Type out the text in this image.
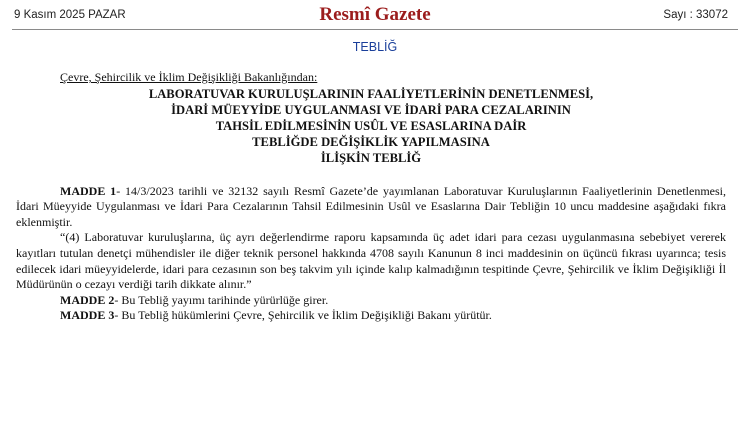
9 Kasım 2025 PAZAR	Resmî Gazete	Sayı : 33072
TEBLİĞ
Çevre, Şehircilik ve İklim Değişikliği Bakanlığından:
LABORATUVAR KURULUŞLARININ FAALİYETLERİNİN DENETLENMESİ,
İDARİ MÜEYYİDE UYGULANMASI VE İDARİ PARA CEZALARININ
TAHSİL EDİLMESİNİN USÛL VE ESASLARINA DAİR
TEBLİĞDE DEĞİŞİKLİK YAPILMASINA
İLİŞKİN TEBLİĞ

MADDE 1- 14/3/2023 tarihli ve 32132 sayılı Resmî Gazete’de yayımlanan Laboratuvar Kuruluşlarının Faaliyetlerinin Denetlenmesi, İdari Müeyyide Uygulanması ve İdari Para Cezalarının Tahsil Edilmesinin Usûl ve Esaslarına Dair Tebliğin 10 uncu maddesine aşağıdaki fıkra eklenmiştir.

“(4) Laboratuvar kuruluşlarına, üç ayrı değerlendirme raporu kapsamında üç adet idari para cezası uygulanmasına sebebiyet vererek kayıtları tutulan denetçi mühendisler ile diğer teknik personel hakkında 4708 sayılı Kanunun 8 inci maddesinin on üçüncü fıkrası uyarınca; tesis edilecek idari müeyyidelerde, idari para cezasının son beş takvim yılı içinde kalıp kalmadığının tespitinde Çevre, Şehircilik ve İklim Değişikliği İl Müdürünün o cezayı verdiği tarih dikkate alınır.”

MADDE 2- Bu Tebliğ yayımı tarihinde yürürlüğe girer.

MADDE 3- Bu Tebliğ hükümlerini Çevre, Şehircilik ve İklim Değişikliği Bakanı yürütür.
